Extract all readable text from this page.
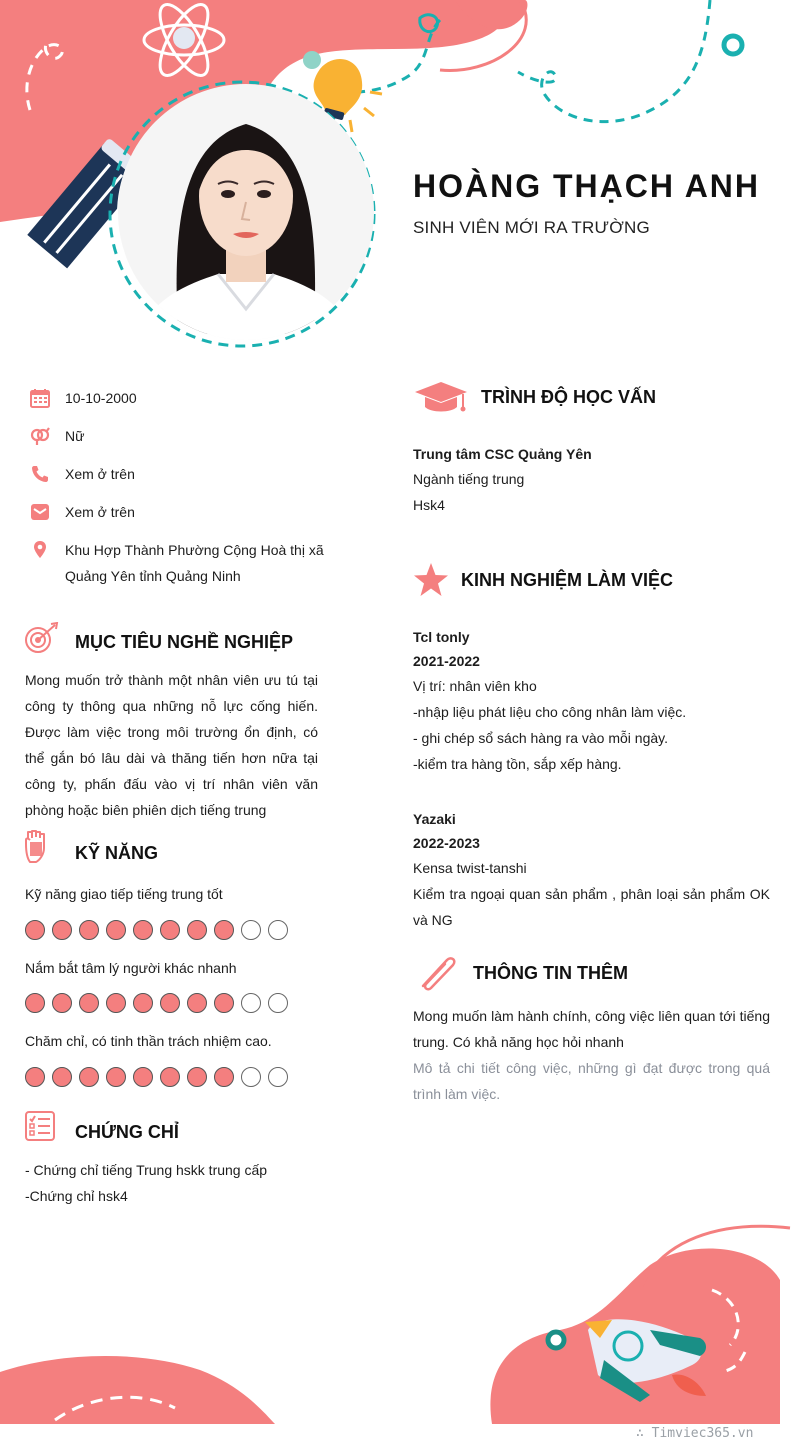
HOÀNG THẠCH ANH
SINH VIÊN MỚI RA TRƯỜNG
10-10-2000
Nữ
Xem ở trên
Xem ở trên
Khu Hợp Thành Phường Cộng Hoà thị xã Quảng Yên tỉnh Quảng Ninh
MỤC TIÊU NGHỀ NGHIỆP
Mong muốn trở thành một nhân viên ưu tú tại công ty thông qua những nỗ lực cống hiến. Được làm việc trong môi trường ổn định, có thể gắn bó lâu dài và thăng tiến hơn nữa tại công ty, phấn đấu vào vị trí nhân viên văn phòng hoặc biên phiên dịch tiếng trung
KỸ NĂNG
Kỹ năng giao tiếp tiếng trung tốt
Nắm bắt tâm lý người khác nhanh
Chăm chỉ, có tinh thần trách nhiệm cao.
CHỨNG CHỈ
- Chứng chỉ tiếng Trung hskk trung cấp
-Chứng chỉ hsk4
TRÌNH ĐỘ HỌC VẤN
Trung tâm CSC Quảng Yên
Ngành tiếng trung
Hsk4
KINH NGHIỆM LÀM VIỆC
Tcl tonly
2021-2022
Vị trí: nhân viên kho
-nhập liệu phát liệu cho công nhân làm việc.
- ghi chép sổ sách hàng ra vào mỗi ngày.
-kiểm tra hàng tồn, sắp xếp hàng.
Yazaki
2022-2023
Kensa twist-tanshi
Kiểm tra ngoại quan sản phẩm , phân loại sản phẩm OK và NG
THÔNG TIN THÊM
Mong muốn làm hành chính, công việc liên quan tới tiếng trung. Có khả năng học hỏi nhanh
Mô tả chi tiết công việc, những gì đạt được trong quá trình làm việc.
∴ Timviec365.vn
